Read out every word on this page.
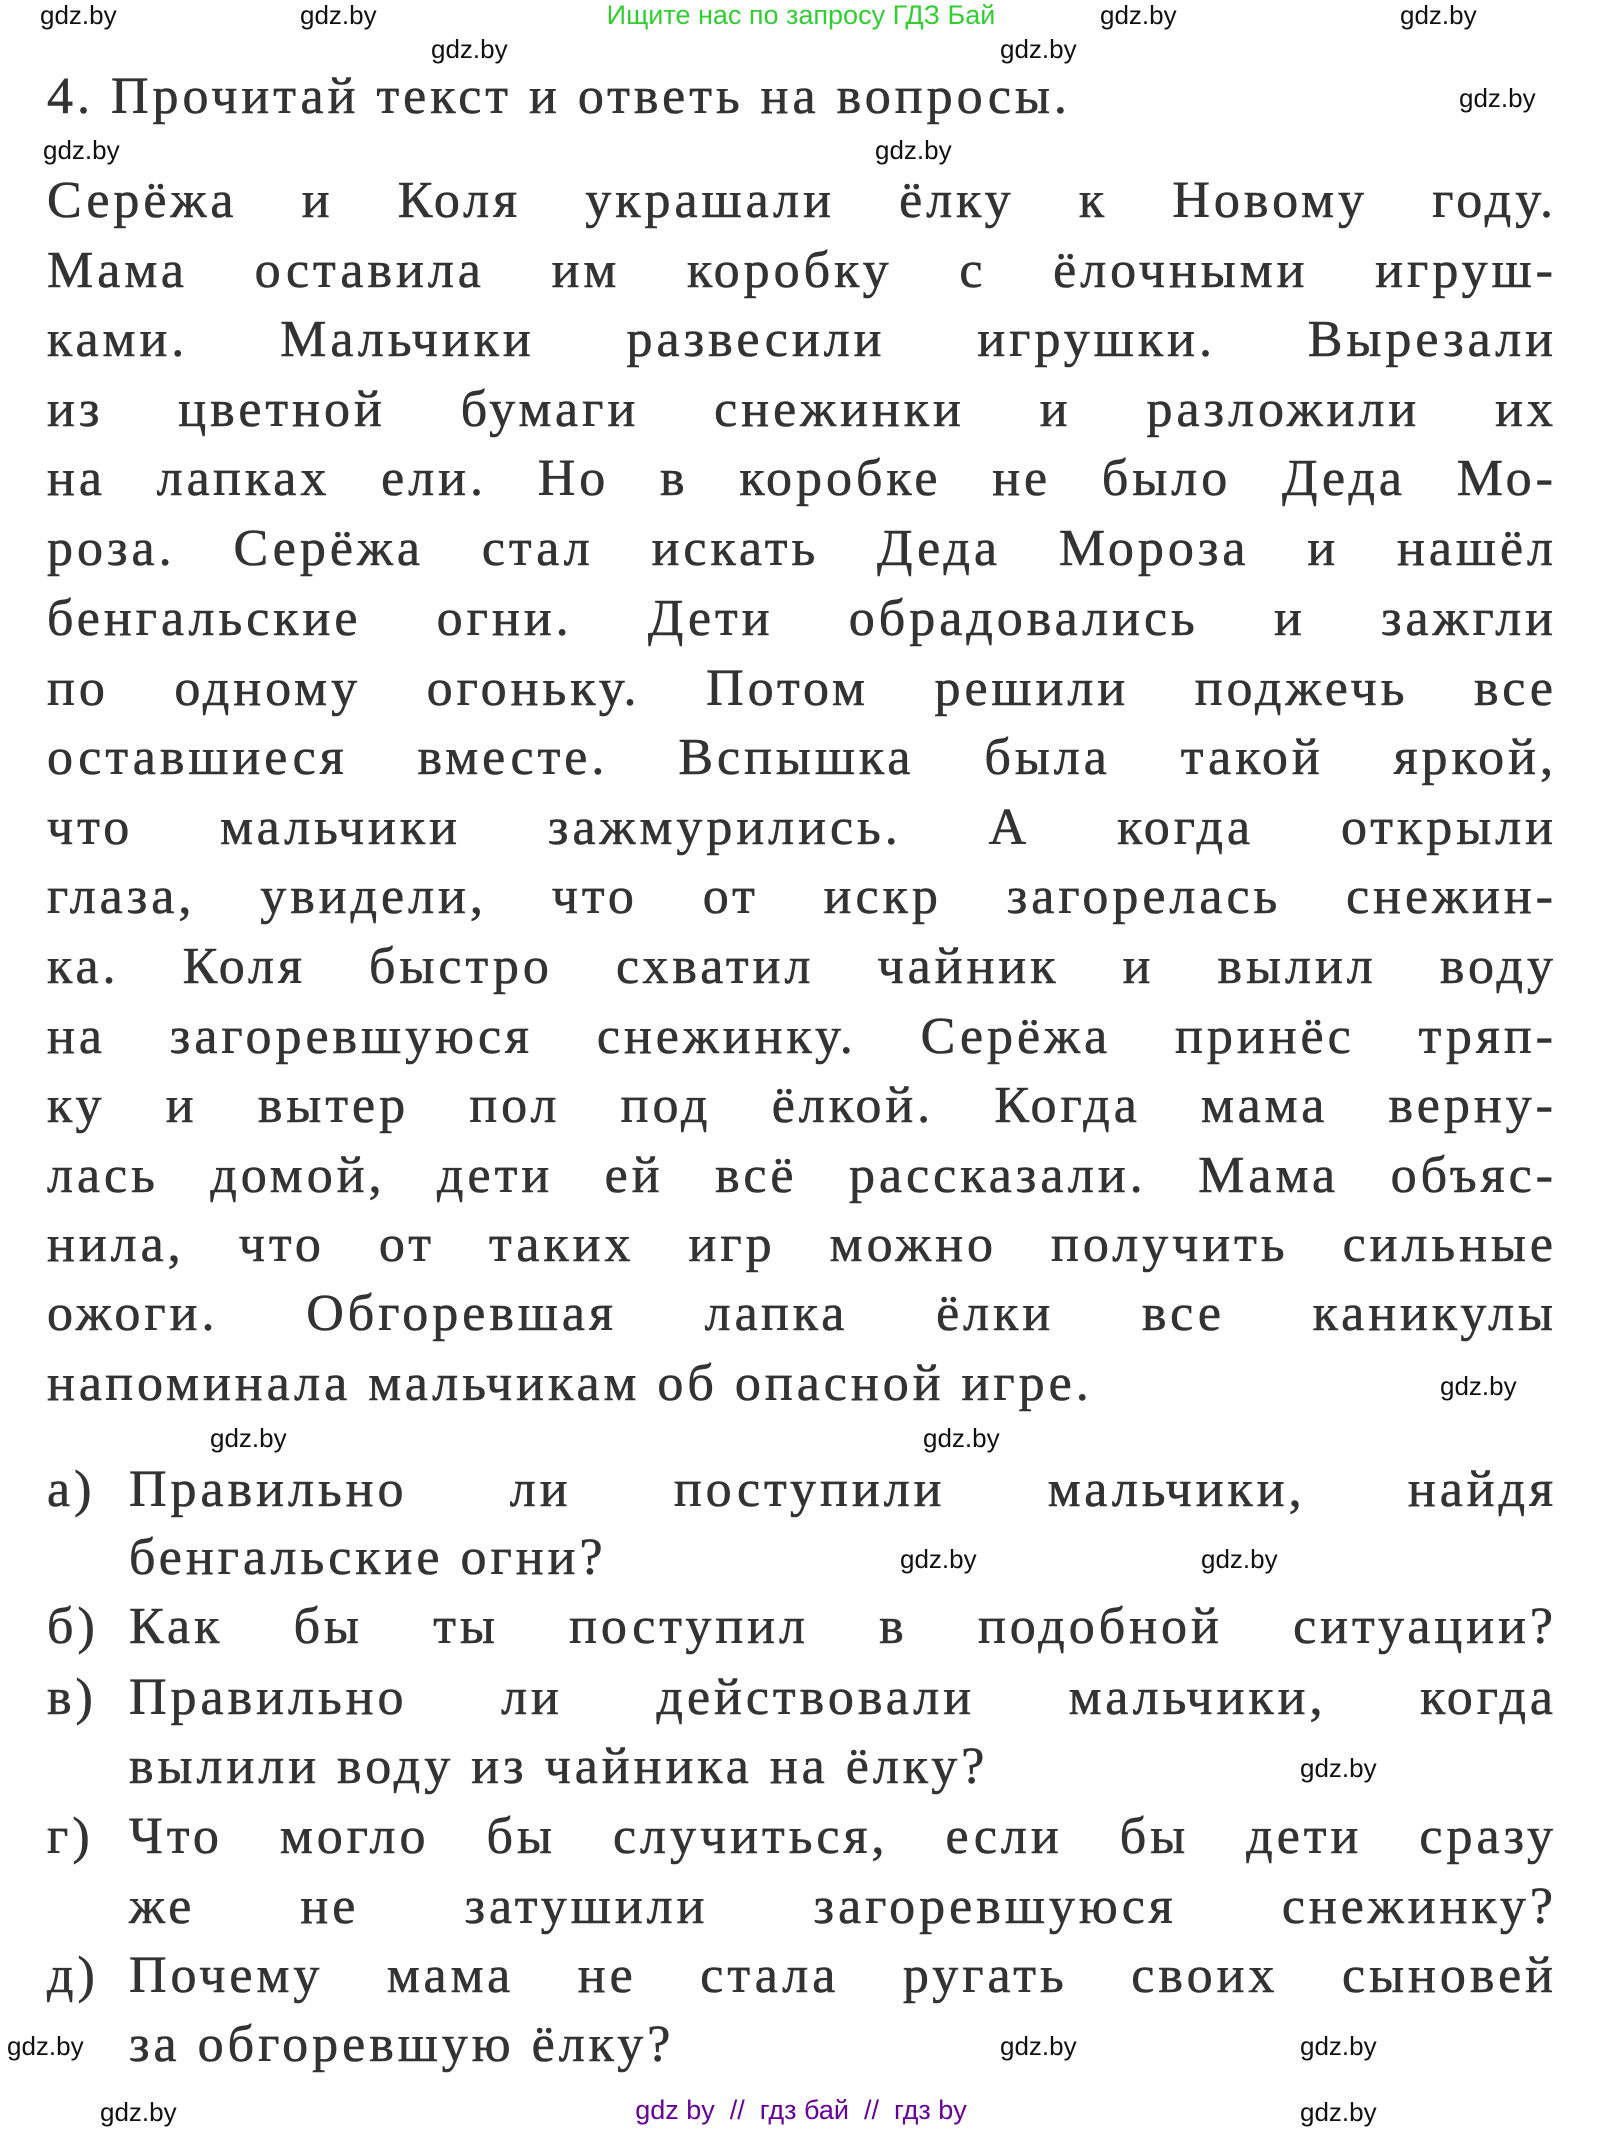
Ищите нас по запросу ГДЗ Бай
4. Прочитай текст и ответь на вопросы.
Серёжа и Коля украшали ёлку к Новому году.
Мама оставила им коробку с ёлочными игруш-
ками. Мальчики развесили игрушки. Вырезали
из цветной бумаги снежинки и разложили их
на лапках ели. Но в коробке не было Деда Мо-
роза. Серёжа стал искать Деда Мороза и нашёл
бенгальские огни. Дети обрадовались и зажгли
по одному огоньку. Потом решили поджечь все
оставшиеся вместе. Вспышка была такой яркой,
что мальчики зажмурились. А когда открыли
глаза, увидели, что от искр загорелась снежин-
ка. Коля быстро схватил чайник и вылил воду
на загоревшуюся снежинку. Серёжа принёс тряп-
ку и вытер пол под ёлкой. Когда мама верну-
лась домой, дети ей всё рассказали. Мама объяс-
нила, что от таких игр можно получить сильные
ожоги. Обгоревшая лапка ёлки все каникулы
напоминала мальчикам об опасной игре.
а) Правильно ли поступили мальчики, найдя
бенгальские огни?
б) Как бы ты поступил в подобной ситуации?
в) Правильно ли действовали мальчики, когда
вылили воду из чайника на ёлку?
г) Что могло бы случиться, если бы дети сразу
же не затушили загоревшуюся снежинку?
д) Почему мама не стала ругать своих сыновей
за обгоревшую ёлку?
gdz.by	gdz.by	gdz.by	gdz.by
gdz.by	gdz.by
gdz.by
gdz.by	gdz.by
gdz.by
gdz.by	gdz.by
gdz.by	gdz.by
gdz.by
gdz.by	gdz.by	gdz.by
gdz.by	gdz.by
gdz by  //  гдз бай  //  гдз by
